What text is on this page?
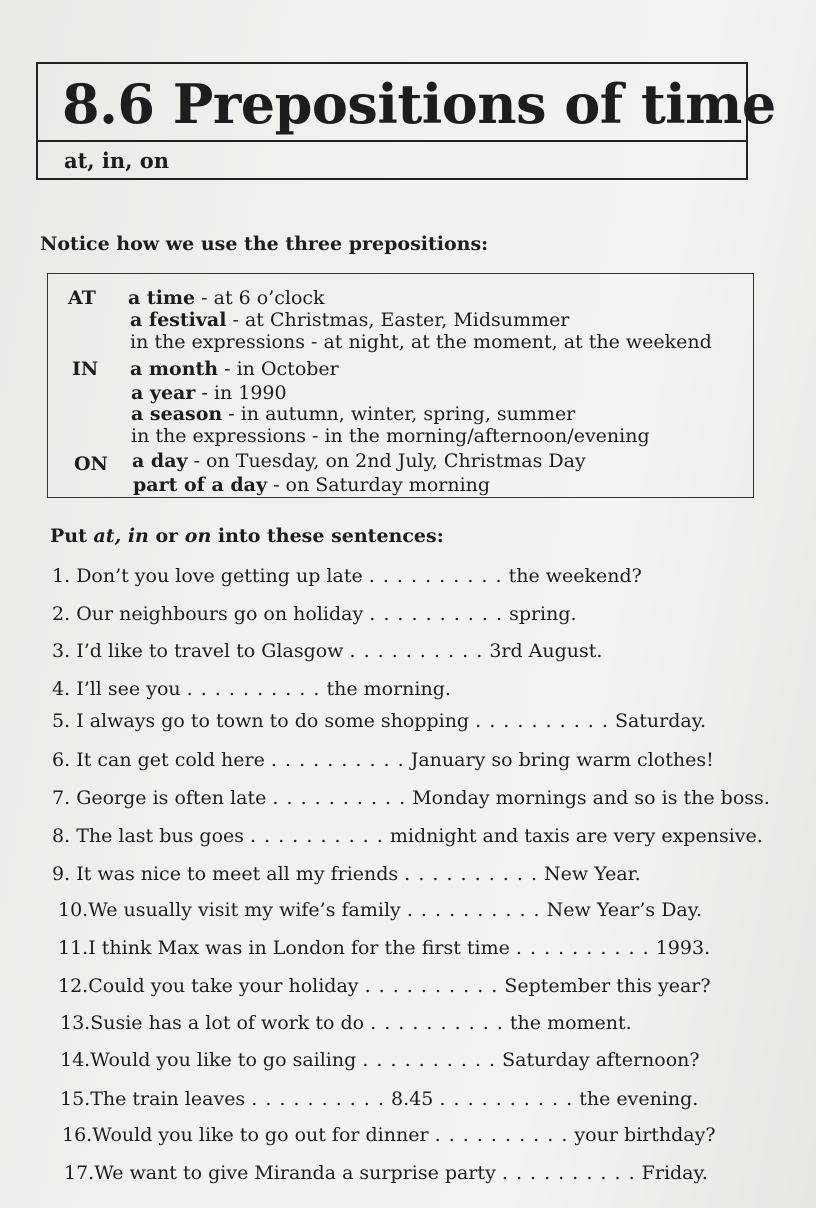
8.6 Prepositions of time
at, in, on
Notice how we use the three prepositions:
AT a time - at 6 o’clock
a festival - at Christmas, Easter, Midsummer
in the expressions - at night, at the moment, at the weekend
IN a month - in October
a year - in 1990
a season - in autumn, winter, spring, summer
in the expressions - in the morning/afternoon/evening
ON a day - on Tuesday, on 2nd July, Christmas Day
part of a day - on Saturday morning
Put at, in or on into these sentences:
1. Don’t you love getting up late . . . . . . . . . . the weekend?
2. Our neighbours go on holiday . . . . . . . . . . spring.
3. I’d like to travel to Glasgow . . . . . . . . . . 3rd August.
4. I’ll see you . . . . . . . . . . the morning.
5. I always go to town to do some shopping . . . . . . . . . . Saturday.
6. It can get cold here . . . . . . . . . . January so bring warm clothes!
7. George is often late . . . . . . . . . . Monday mornings and so is the boss.
8. The last bus goes . . . . . . . . . . midnight and taxis are very expensive.
9. It was nice to meet all my friends . . . . . . . . . . New Year.
10.We usually visit my wife’s family . . . . . . . . . . New Year’s Day.
11.I think Max was in London for the first time . . . . . . . . . . 1993.
12.Could you take your holiday . . . . . . . . . . September this year?
13.Susie has a lot of work to do . . . . . . . . . . the moment.
14.Would you like to go sailing . . . . . . . . . . Saturday afternoon?
15.The train leaves . . . . . . . . . . 8.45 . . . . . . . . . . the evening.
16.Would you like to go out for dinner . . . . . . . . . . your birthday?
17.We want to give Miranda a surprise party . . . . . . . . . . Friday.
